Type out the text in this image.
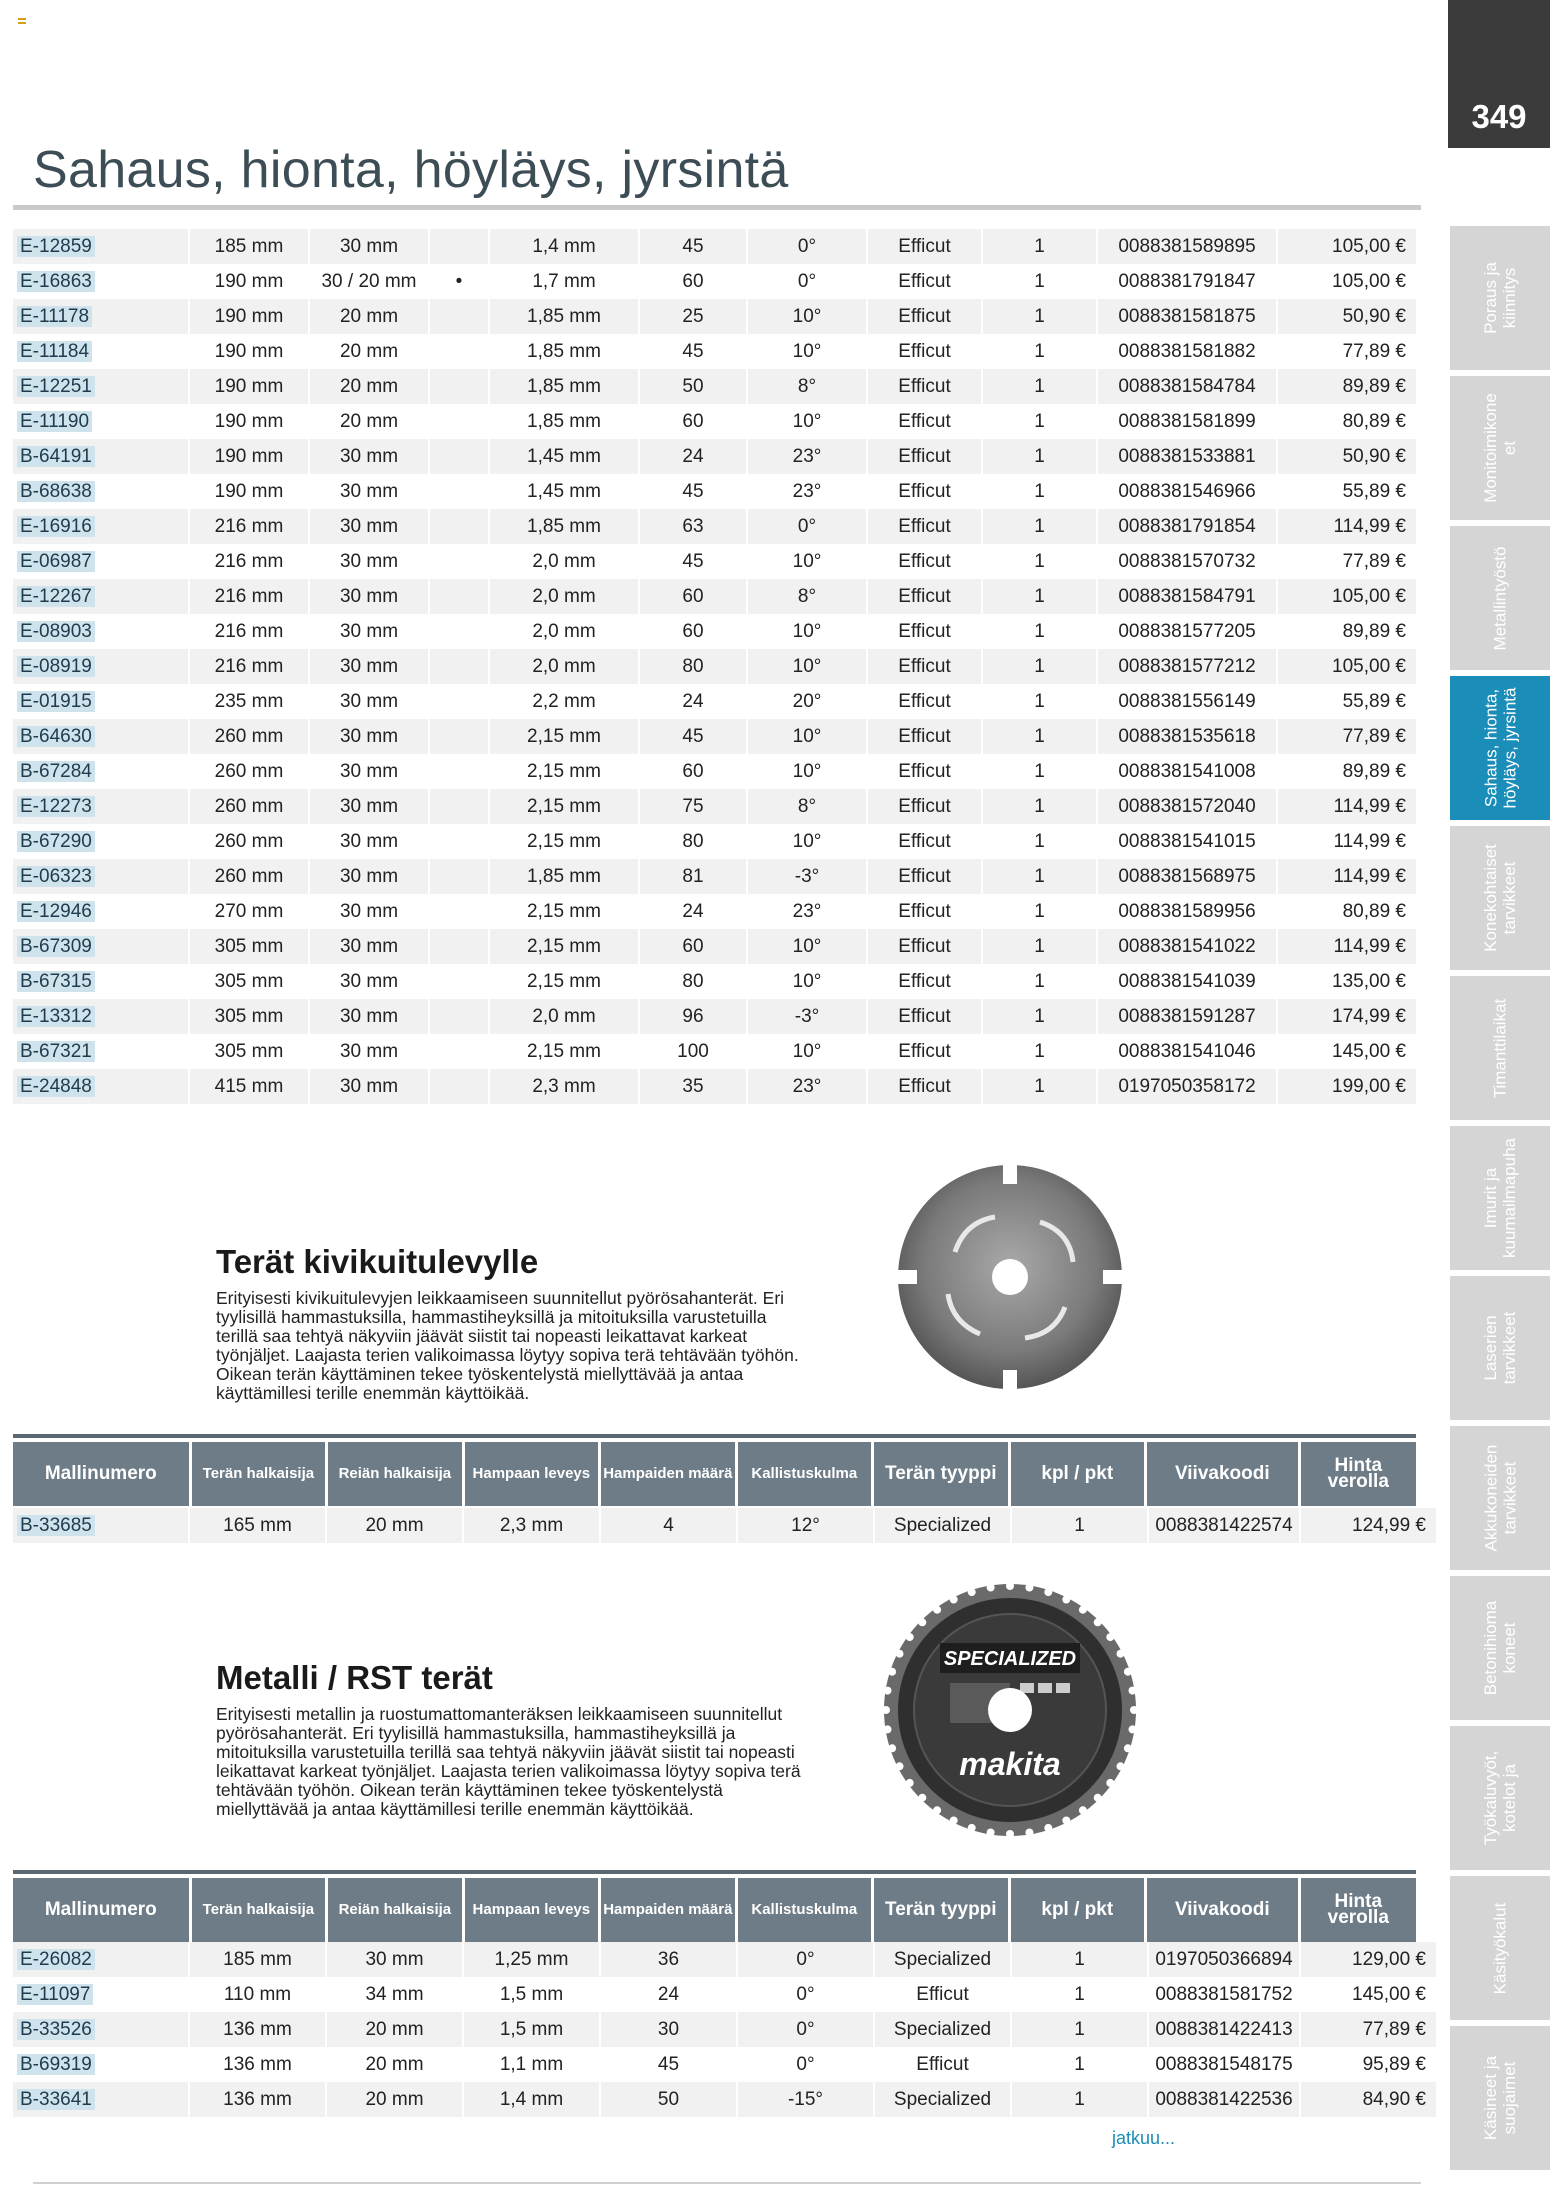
349
Poraus ja
kiinnitys
Monitoimikone
et
Metallintyöstö
Sahaus, hionta,
höyläys, jyrsintä
Konekohtaiset
tarvikkeet
Timanttilaikat
Imurit ja
kuumailmapuha
Laserien
tarvikkeet
Akkukoneiden
tarvikkeet
Betonihioma
koneet
Työkaluvyöt,
kotelot ja
Käsityökalut
Käsineet ja
suojaimet
Sahaus, hionta, höyläys, jyrsintä
E-12859	185 mm	30 mm		1,4 mm	45	0°	Efficut	1	0088381589895	105,00 €
E-16863	190 mm	30 / 20 mm	•	1,7 mm	60	0°	Efficut	1	0088381791847	105,00 €
E-11178	190 mm	20 mm		1,85 mm	25	10°	Efficut	1	0088381581875	50,90 €
E-11184	190 mm	20 mm		1,85 mm	45	10°	Efficut	1	0088381581882	77,89 €
E-12251	190 mm	20 mm		1,85 mm	50	8°	Efficut	1	0088381584784	89,89 €
E-11190	190 mm	20 mm		1,85 mm	60	10°	Efficut	1	0088381581899	80,89 €
B-64191	190 mm	30 mm		1,45 mm	24	23°	Efficut	1	0088381533881	50,90 €
B-68638	190 mm	30 mm		1,45 mm	45	23°	Efficut	1	0088381546966	55,89 €
E-16916	216 mm	30 mm		1,85 mm	63	0°	Efficut	1	0088381791854	114,99 €
E-06987	216 mm	30 mm		2,0 mm	45	10°	Efficut	1	0088381570732	77,89 €
E-12267	216 mm	30 mm		2,0 mm	60	8°	Efficut	1	0088381584791	105,00 €
E-08903	216 mm	30 mm		2,0 mm	60	10°	Efficut	1	0088381577205	89,89 €
E-08919	216 mm	30 mm		2,0 mm	80	10°	Efficut	1	0088381577212	105,00 €
E-01915	235 mm	30 mm		2,2 mm	24	20°	Efficut	1	0088381556149	55,89 €
B-64630	260 mm	30 mm		2,15 mm	45	10°	Efficut	1	0088381535618	77,89 €
B-67284	260 mm	30 mm		2,15 mm	60	10°	Efficut	1	0088381541008	89,89 €
E-12273	260 mm	30 mm		2,15 mm	75	8°	Efficut	1	0088381572040	114,99 €
B-67290	260 mm	30 mm		2,15 mm	80	10°	Efficut	1	0088381541015	114,99 €
E-06323	260 mm	30 mm		1,85 mm	81	-3°	Efficut	1	0088381568975	114,99 €
E-12946	270 mm	30 mm		2,15 mm	24	23°	Efficut	1	0088381589956	80,89 €
B-67309	305 mm	30 mm		2,15 mm	60	10°	Efficut	1	0088381541022	114,99 €
B-67315	305 mm	30 mm		2,15 mm	80	10°	Efficut	1	0088381541039	135,00 €
E-13312	305 mm	30 mm		2,0 mm	96	-3°	Efficut	1	0088381591287	174,99 €
B-67321	305 mm	30 mm		2,15 mm	100	10°	Efficut	1	0088381541046	145,00 €
E-24848	415 mm	30 mm		2,3 mm	35	23°	Efficut	1	0197050358172	199,00 €
Terät kivikuitulevylle
Erityisesti kivikuitulevyjen leikkaamiseen suunnitellut pyörösahanterät. Eri tyylisillä hammastuksilla, hammastiheyksillä ja mitoituksilla varustetuilla terillä saa tehtyä näkyviin jäävät siistit tai nopeasti leikattavat karkeat työnjäljet. Laajasta terien valikoimassa löytyy sopiva terä tehtävään työhön. Oikean terän käyttäminen tekee työskentelystä miellyttävää ja antaa käyttämillesi terille enemmän käyttöikää.
Mallinumero	Terän halkaisija	Reiän halkaisija	Hampaan leveys	Hampaiden määrä	Kallistuskulma	Terän tyyppi	kpl / pkt	Viivakoodi	Hinta verolla
B-33685	165 mm	20 mm	2,3 mm	4	12°	Specialized	1	0088381422574	124,99 €
SPECIALIZED
makita
Metalli / RST terät
Erityisesti metallin ja ruostumattomanteräksen leikkaamiseen suunnitellut pyörösahanterät. Eri tyylisillä hammastuksilla, hammastiheyksillä ja mitoituksilla varustetuilla terillä saa tehtyä näkyviin jäävät siistit tai nopeasti leikattavat karkeat työnjäljet. Laajasta terien valikoimassa löytyy sopiva terä tehtävään työhön. Oikean terän käyttäminen tekee työskentelystä miellyttävää ja antaa käyttämillesi terille enemmän käyttöikää.
Mallinumero	Terän halkaisija	Reiän halkaisija	Hampaan leveys	Hampaiden määrä	Kallistuskulma	Terän tyyppi	kpl / pkt	Viivakoodi	Hinta verolla
E-26082	185 mm	30 mm	1,25 mm	36	0°	Specialized	1	0197050366894	129,00 €
E-11097	110 mm	34 mm	1,5 mm	24	0°	Efficut	1	0088381581752	145,00 €
B-33526	136 mm	20 mm	1,5 mm	30	0°	Specialized	1	0088381422413	77,89 €
B-69319	136 mm	20 mm	1,1 mm	45	0°	Efficut	1	0088381548175	95,89 €
B-33641	136 mm	20 mm	1,4 mm	50	-15°	Specialized	1	0088381422536	84,90 €
jatkuu...
